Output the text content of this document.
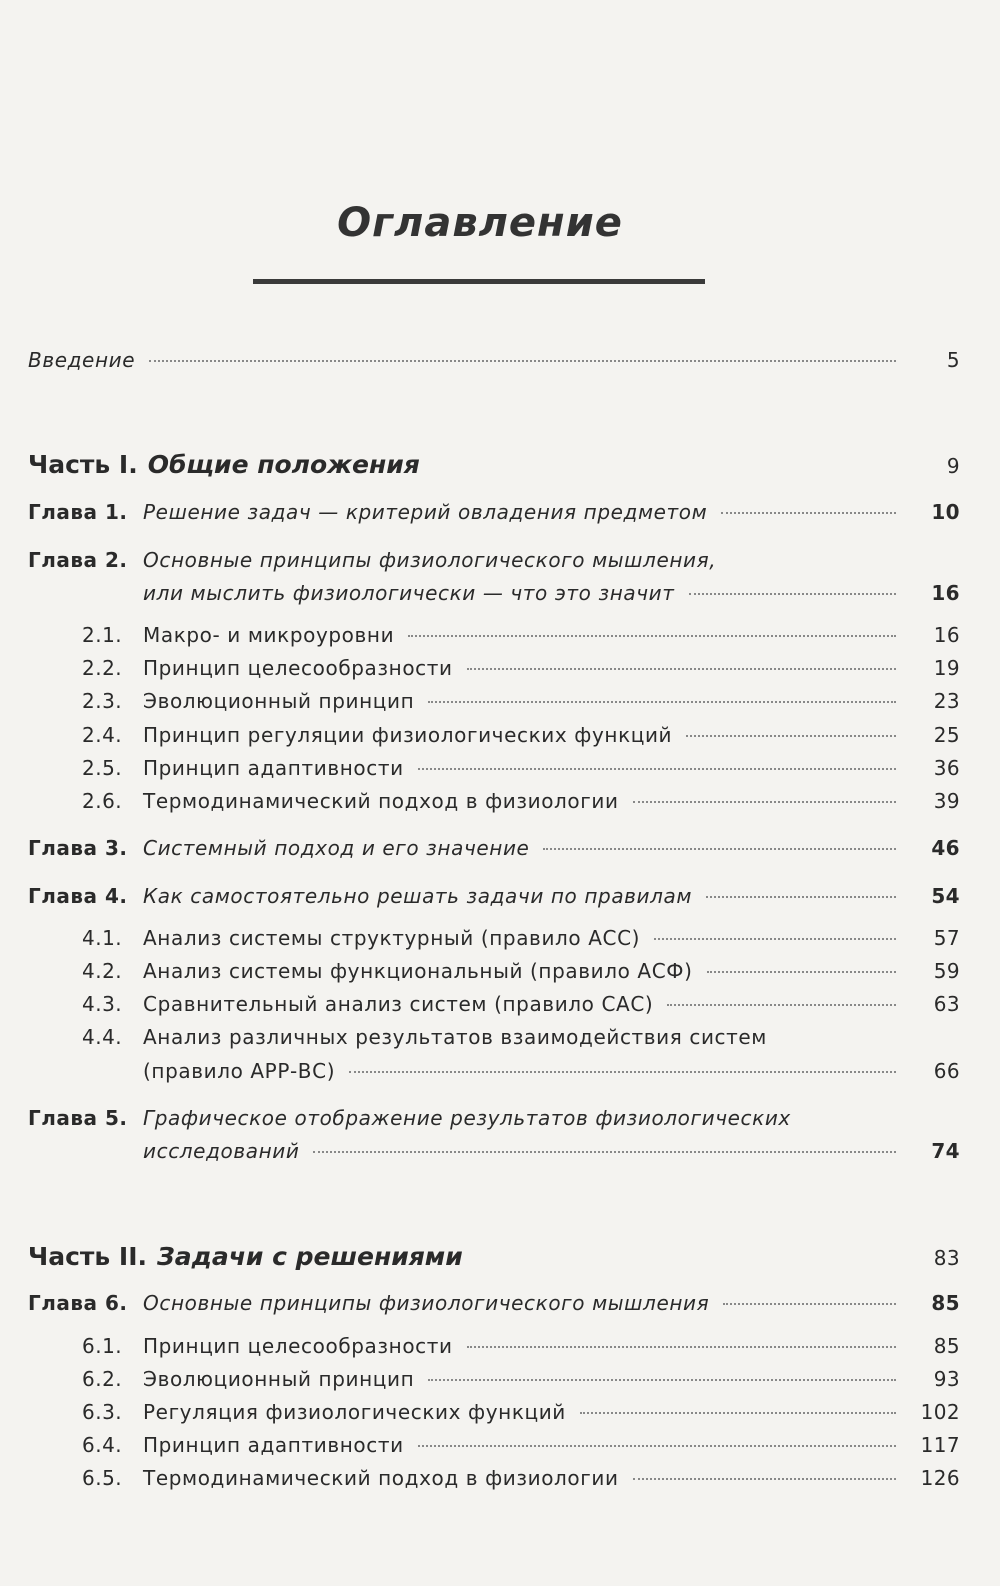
Оглавление
Введение	5
Часть I. Общие положения	9
Глава 1. Решение задач — критерий овладения предметом	10
Глава 2. Основные принципы физиологического мышления,
или мыслить физиологически — что это значит	16
2.1.	Макро- и микроуровни	16
2.2.	Принцип целесообразности	19
2.3.	Эволюционный принцип	23
2.4.	Принцип регуляции физиологических функций	25
2.5.	Принцип адаптивности	36
2.6.	Термодинамический подход в физиологии	39
Глава 3. Системный подход и его значение	46
Глава 4. Как самостоятельно решать задачи по правилам	54
4.1.	Анализ системы структурный (правило АСС)	57
4.2.	Анализ системы функциональный (правило АСФ)	59
4.3.	Сравнительный анализ систем (правило САС)	63
4.4.	Анализ различных результатов взаимодействия систем
(правило АРР-ВС)	66
Глава 5. Графическое отображение результатов физиологических
исследований	74
Часть II. Задачи с решениями	83
Глава 6. Основные принципы физиологического мышления	85
6.1.	Принцип целесообразности	85
6.2.	Эволюционный принцип	93
6.3.	Регуляция физиологических функций	102
6.4.	Принцип адаптивности	117
6.5.	Термодинамический подход в физиологии	126
